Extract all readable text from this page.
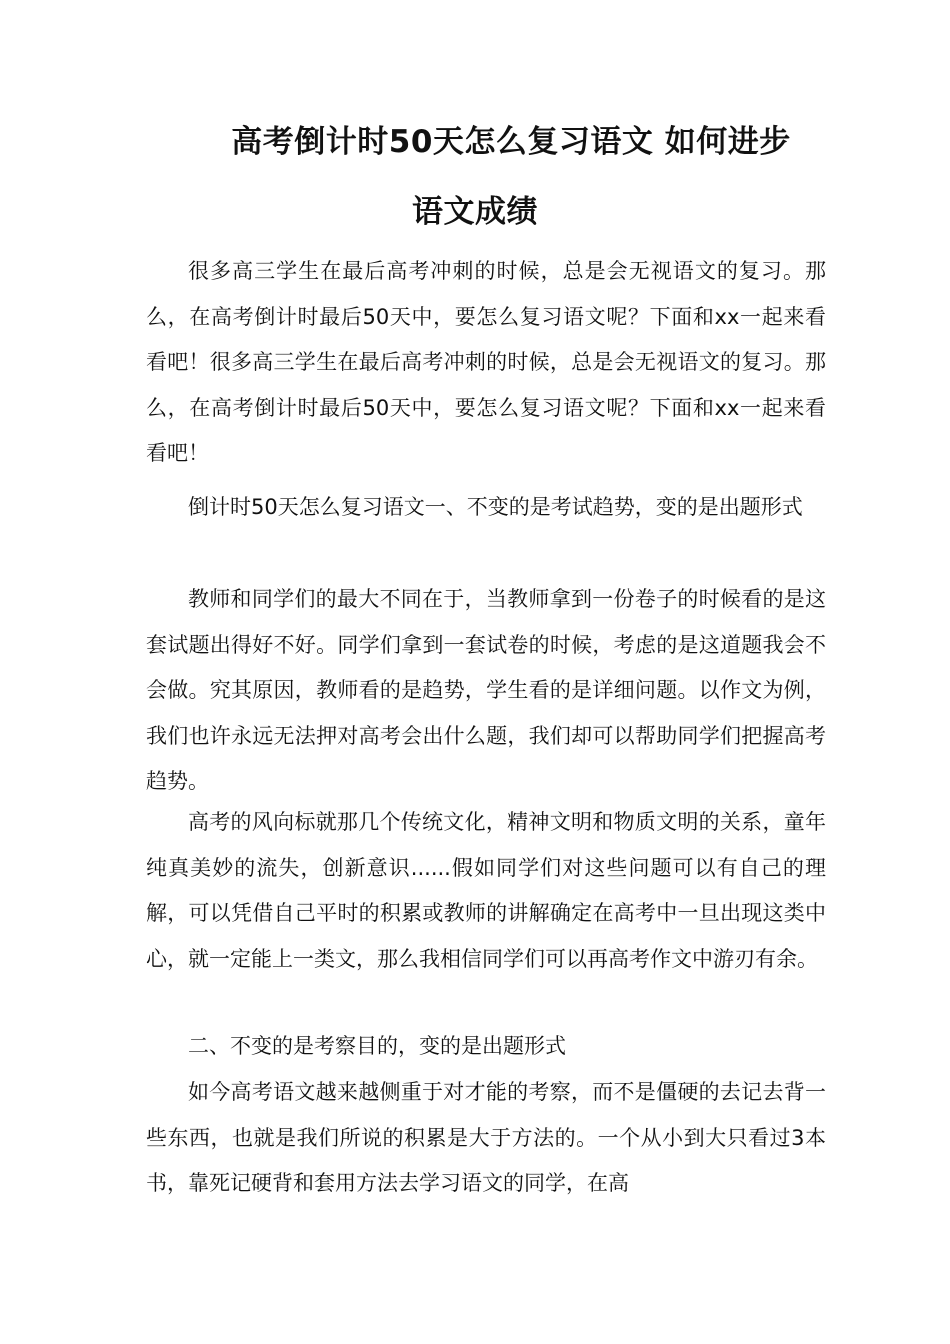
高考倒计时50天怎么复习语文 如何进步
语文成绩

很多高三学生在最后高考冲刺的时候，总是会无视语文的复习。那么，在高考倒计时最后50天中，要怎么复习语文呢？下面和xx一起来看看吧！很多高三学生在最后高考冲刺的时候，总是会无视语文的复习。那么，在高考倒计时最后50天中，要怎么复习语文呢？下面和xx一起来看看吧！

倒计时50天怎么复习语文一、不变的是考试趋势，变的是出题形式

教师和同学们的最大不同在于，当教师拿到一份卷子的时候看的是这套试题出得好不好。同学们拿到一套试卷的时候，考虑的是这道题我会不会做。究其原因，教师看的是趋势，学生看的是详细问题。以作文为例，我们也许永远无法押对高考会出什么题，我们却可以帮助同学们把握高考趋势。

高考的风向标就那几个传统文化，精神文明和物质文明的关系，童年纯真美妙的流失，创新意识......假如同学们对这些问题可以有自己的理解，可以凭借自己平时的积累或教师的讲解确定在高考中一旦出现这类中心，就一定能上一类文，那么我相信同学们可以再高考作文中游刃有余。

二、不变的是考察目的，变的是出题形式

如今高考语文越来越侧重于对才能的考察，而不是僵硬的去记去背一些东西，也就是我们所说的积累是大于方法的。一个从小到大只看过3本书，靠死记硬背和套用方法去学习语文的同学，在高
